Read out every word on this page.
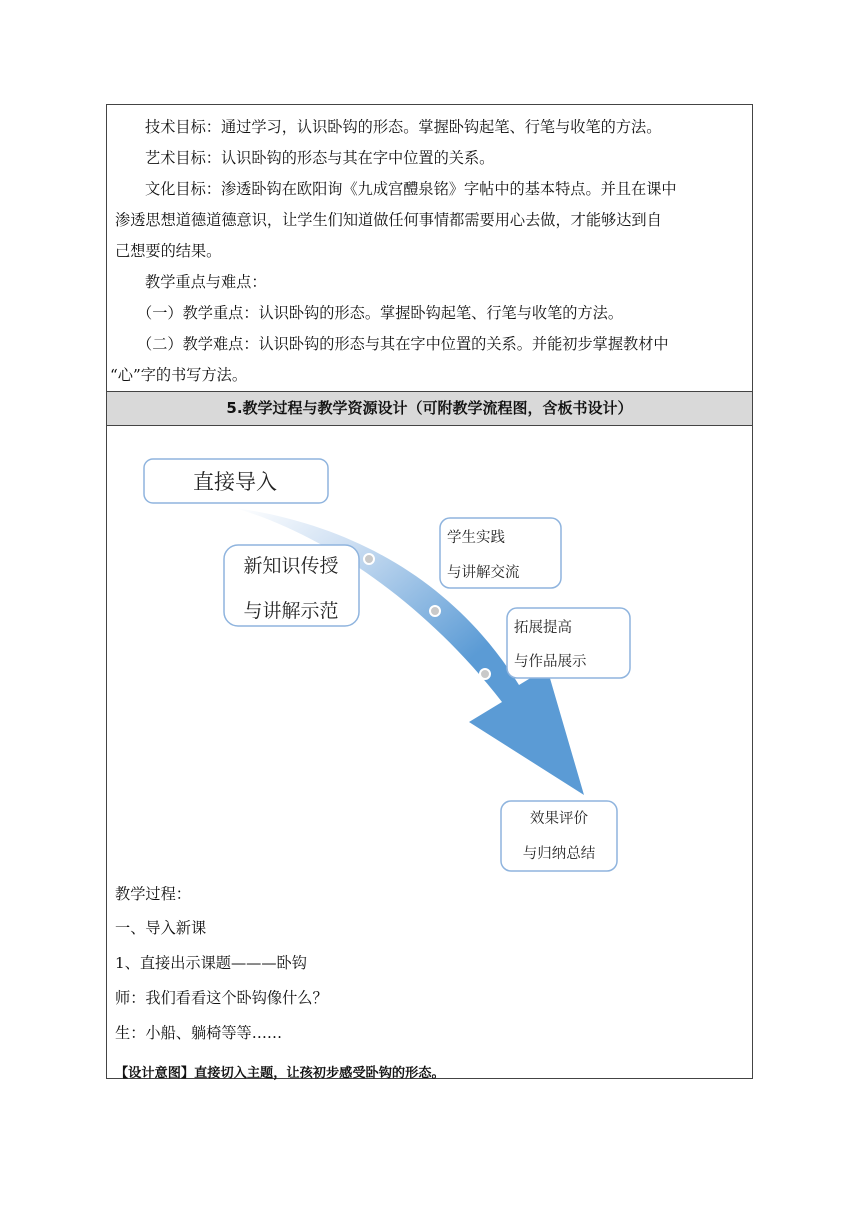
技术目标：通过学习，认识卧钩的形态。掌握卧钩起笔、行笔与收笔的方法。
艺术目标：认识卧钩的形态与其在字中位置的关系。
文化目标：渗透卧钩在欧阳询《九成宫醴泉铭》字帖中的基本特点。并且在课中
渗透思想道德道德意识，让学生们知道做任何事情都需要用心去做，才能够达到自
己想要的结果。
教学重点与难点：
（一）教学重点：认识卧钩的形态。掌握卧钩起笔、行笔与收笔的方法。
（二）教学难点：认识卧钩的形态与其在字中位置的关系。并能初步掌握教材中
“心”字的书写方法。
5.教学过程与教学资源设计（可附教学流程图，含板书设计）
直接导入
新知识传授
与讲解示范
学生实践
与讲解交流
拓展提高
与作品展示
效果评价
与归纳总结
教学过程：
一、导入新课
1、直接出示课题———卧钩
师：我们看看这个卧钩像什么？
生：小船、躺椅等等……
【设计意图】直接切入主题，让孩初步感受卧钩的形态。
